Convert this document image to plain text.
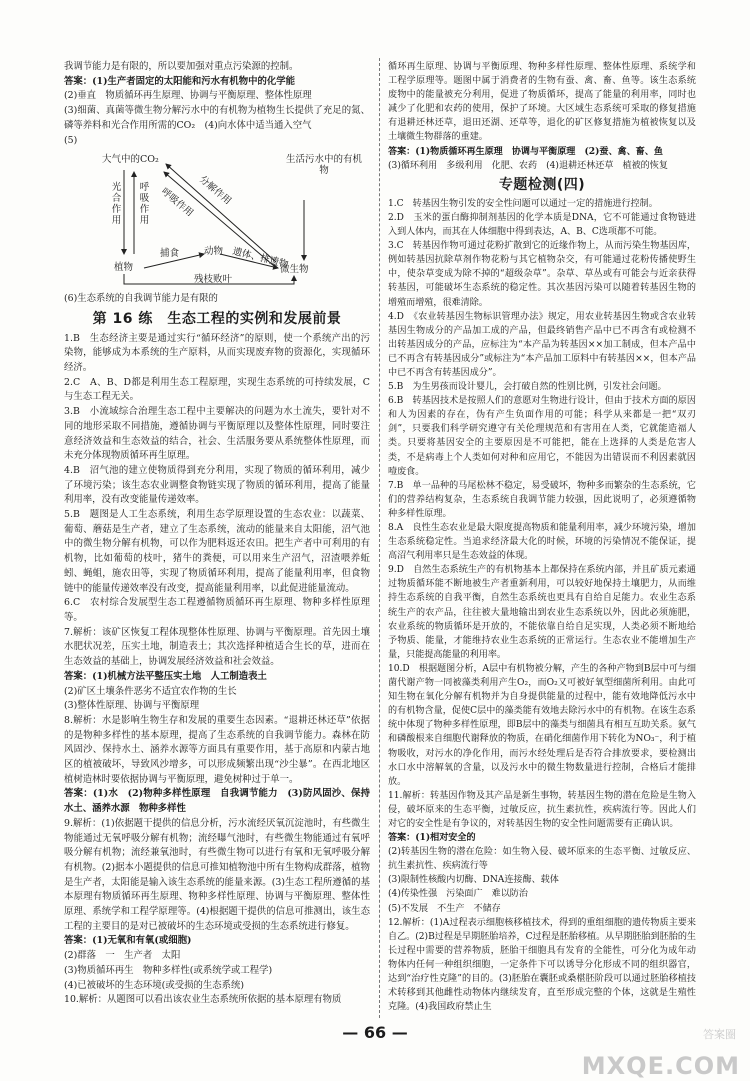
我调节能力是有限的，所以要加强对重点污染源的控制。
答案：(1)生产者固定的太阳能和污水有机物中的化学能
(2)垂直　物质循环再生原理、协调与平衡原理、整体性原理
(3)细菌、真菌等微生物分解污水中的有机物为植物生长提供了充足的氮、磷等养料和光合作用所需的CO₂　(4)向水体中适当通入空气
(5)
大气中的CO₂	生活污水中的有机物
光合作用
呼吸作用
呼吸作用 分解作用
植物
捕食	动物 遗体、排遗物
残枝败叶
微生物
(6)生态系统的自我调节能力是有限的
第 16 练　生态工程的实例和发展前景
1.B　生态经济主要是通过实行“循环经济”的原则，使一个系统产出的污染物，能够成为本系统的生产原料，从而实现废弃物的资源化，实现循环经济。
2.C　A、B、D都是利用生态工程原理，实现生态系统的可持续发展，C与生态工程无关。
3.B　小流域综合治理生态工程中主要解决的问题为水土流失，要针对不同的地形采取不同措施，遵循协调与平衡原理以及整体性原理，同时要注意经济效益和生态效益的结合，社会、生活服务要从系统整体性原理，而未充分体现物质循环再生原理。
4.B　沼气池的建立使物质得到充分利用，实现了物质的循环利用，减少了环境污染；该生态农业调整食物链实现了物质的循环利用，提高了能量利用率，没有改变能量传递效率。
5.B　题图是人工生态系统，利用生态学原理设置的生态农业：以蔬菜、葡萄、蘑菇是生产者，建立了生态系统，流动的能量来自太阳能，沼气池中的微生物分解有机物，可以作为肥料返还农田。把生产者中可利用的有机物，比如葡萄的枝叶，猪牛的粪便，可以用来生产沼气，沼渣喂养蚯蚓、蝇蛆，施农田等，实现了物质循环利用，提高了能量利用率，但食物链中的能量传递效率没有改变，提高能量利用率，以此促进能量流动。
6.C　农村综合发展型生态工程遵循物质循环再生原理、物种多样性原理等。
7.解析：该矿区恢复工程体现整体性原理、协调与平衡原理。首先因土壤水肥状况差，压实土地，制造表土；其次选择种植适合生长的草，进而在生态效益的基础上，协调发展经济效益和社会效益。
答案：(1)机械方法平整压实土地　人工制造表土
(2)矿区土壤条件恶劣不适宜农作物的生长
(3)整体性原理、协调与平衡原理
8.解析：水是影响生物生存和发展的重要生态因素。“退耕还林还草”依据的是物种多样性的基本原理，提高了生态系统的自我调节能力。森林在防风固沙、保持水土、涵养水源等方面具有重要作用，基于高原和内蒙古地区的植被破坏，导致风沙增多，可以形成频繁出现“沙尘暴”。在西北地区植树造林时要依据协调与平衡原理，避免树种过于单一。
答案：(1)水　(2)物种多样性原理　自我调节能力　(3)防风固沙、保持水土、涵养水源　物种多样性
9.解析：(1)依据题干提供的信息分析，污水流经厌氧沉淀池时，有些微生物能通过无氧呼吸分解有机物；流经曝气池时，有些微生物能通过有氧呼吸分解有机物；流经兼氧池时，有些微生物可以进行有氧和无氧呼吸分解有机物。(2)据本小题提供的信息可推知植物池中所有生物构成群落，植物是生产者，太阳能是输入该生态系统的能量来源。(3)生态工程所遵循的基本原理有物质循环再生原理、物种多样性原理、协调与平衡原理、整体性原理、系统学和工程学原理等。(4)根据题干提供的信息可推测出，该生态工程的主要目的是对已被破坏的生态环境或受损的生态系统进行修复。
答案：(1)无氧和有氧(或细胞)
(2)群落　一　生产者　太阳
(3)物质循环再生　物种多样性(或系统学或工程学)
(4)已被破坏的生态环境(或受损的生态系统)
10.解析：从题图可以看出该农业生态系统所依据的基本原理有物质
循环再生原理、协调与平衡原理、物种多样性原理、整体性原理、系统学和工程学原理等。题图中属于消费者的生物有蚕、禽、畜、鱼等。该生态系统废物中的能量被充分利用，促进了物质循环，提高了能量的利用率，同时也减少了化肥和农药的使用，保护了环境。大区域生态系统可采取的修复措施有退耕还林还草，退田还湖、还草等，退化的矿区修复措施为植被恢复以及土壤微生物群落的重建。
答案：(1)物质循环再生原理　协调与平衡原理　(2)蚕、禽、畜、鱼
(3)循环利用　多级利用　化肥、农药　(4)退耕还林还草　植被的恢复
专题检测(四)
1.C　转基因生物引发的安全性问题可以通过一定的措施进行控制。
2.D　玉米的蛋白酶抑制剂基因的化学本质是DNA，它不可能通过食物链进入到人体内，而其在人体细胞中得到表达，A、B、C选项都不可能。
3.C　转基因作物可通过花粉扩散到它的近缘作物上，从而污染生物基因库，例如转基因抗除草剂作物花粉与其它植物杂交，有可能通过花粉传播使野生中，使杂草变成为除不掉的“超级杂草”。杂草、草丛或有可能会与近亲获得转基因，可能破坏生态系统的稳定性。其次基因污染可以随着转基因生物的增殖而增殖，很难清除。
4.D　《农业转基因生物标识管理办法》规定，用农业转基因生物或含农业转基因生物成分的产品加工成的产品，但最终销售产品中已不再含有或检测不出转基因成分的产品，应标注为“本产品为转基因××加工制成，但本产品中已不再含有转基因成分”或标注为“本产品加工原料中有转基因××，但本产品中已不再含有转基因成分”。
5.B　为生男孩而设计婴儿，会打破自然的性别比例，引发社会问题。
6.B　转基因技术是按照人们的意愿对生物进行设计，但由于技术方面的原因和人为因素的存在，伪有产生负面作用的可能；科学从来都是一把“双刃剑”，只要我们科学研究遵守有关伦理规范和有害用在人类，它就能造福人类。只要将基因安全的主要原因是不可能把，能在上选择的人类是危害人类，不是病毒上个人类如何对种和应用它，不能因为出错误而不利因素就因噎废食。
7.B　单一品种的马尾松林不稳定，易受破坏，物种多而繁杂的生态系统，它们的营养结构复杂，生态系统自我调节能力较强，因此说明了，必须遵循物种多样性原理。
8.A　良性生态农业是最大限度提高物质和能量利用率，减少环境污染，增加生态系统稳定性。当追求经济最大化的时候，环境的污染情况不能保证，提高沼气利用率只是生态效益的体现。
9.D　自然生态系统生产的有机物基本上都保持在系统内部，并且矿质元素通过物质循环能不断地被生产者重新利用，可以较好地保持土壤肥力，从而维持生态系统的自我平衡，自然生态系统也更具有自给自足能力。农业生态系统生产的农产品，往往被大量地输出到农业生态系统以外，因此必须施肥，农业系统的物质循环是开放的，不能依靠自给自足实现，人类必须不断地给予物质、能量，才能维持农业生态系统的正常运行。生态农业不能增加生产量，只能提高能量的利用率。
10.D　根据题图分析，A层中有机物被分解，产生的各种产物到B层中可与细菌代谢产物一同被藻类利用产生O₂，而O₂又可被好氧型细菌所利用。由此可知生物在氧化分解有机物并为自身提供能量的过程中，能有效地降低污水中的有机物含量，促使C层中的藻类能有效地去除污水中的有机物。在该生态系统中体现了物种多样性原理，即B层中的藻类与细菌具有相互互助关系。氨气和磷酸根来自细胞代谢释放的物质，在硝化细菌作用下转化为NO₃⁻，利于植物吸收，对污水的净化作用，而污水经处理后是否符合排放要求，要检测出水口水中溶解氧的含量，以及污水中的微生物数量进行控制，合格后才能排放。
11.解析：转基因作物及其产品是新生事物，转基因生物的潜在危险是生物入侵，破坏原来的生态平衡，过敏反应，抗生素抗性，疾病流行等。因此人们对它的安全性是有争议的，对转基因生物的安全性问题需要有正确认识。
答案：(1)相对安全的
(2)转基因生物的潜在危险：如生物入侵、破坏原来的生态平衡、过敏反应、抗生素抗性、疾病流行等
(3)限制性核酸内切酶、DNA连接酶、载体
(4)传染性强　污染面广　难以防治
(5)不发展　不生产　不储存
12.解析：(1)A过程表示细胞核移植技术，得到的重组细胞的遗传物质主要来自乙。(2)B过程是早期胚胎培养，C过程是胚胎移植。从早期胚胎到胚胎的生长过程中需要的营养物质，胚胎干细胞具有发育的全能性，可分化为成年动物体内任何一种组织细胞，一定条件下可以诱导分化形成不同的组织器官，达到“治疗性克隆”的目的。(3)胚胎在囊胚或桑椹胚阶段可以通过胚胎移植技术转移到其他雌性动物体内继续发育，直至形成完整的个体，这就是生殖性克隆。(4)我国政府禁止生
— 66 —	答案圈
MXQE.COM
